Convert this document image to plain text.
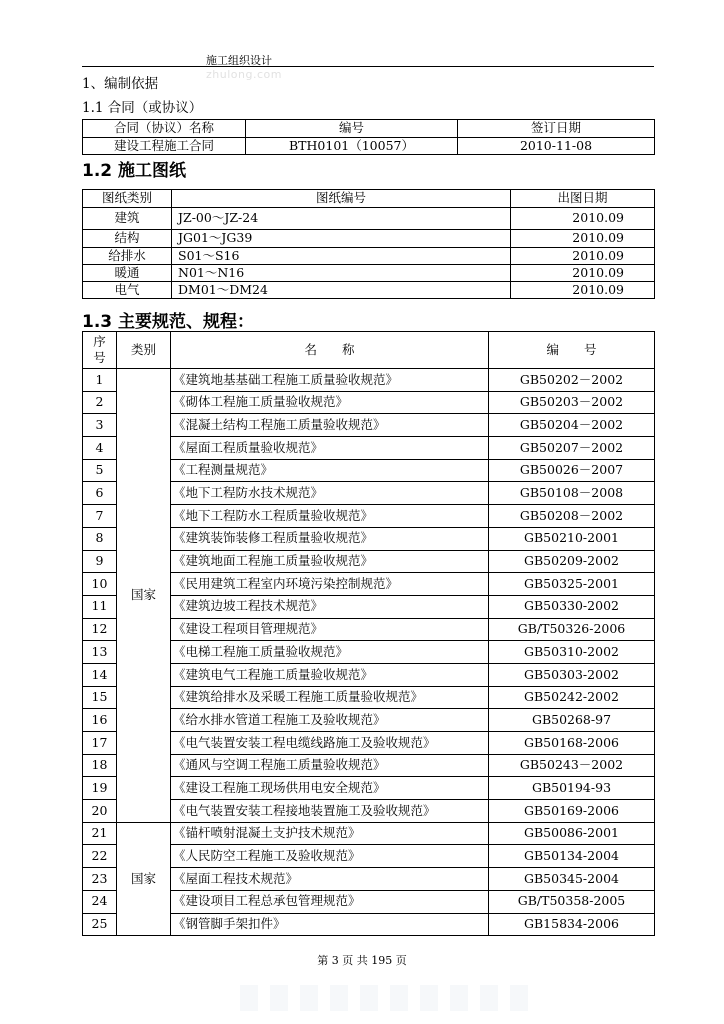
施工组织设计
zhulong.com
1、编制依据
1.1 合同（或协议）
合同（协议）名称	编号	签订日期
建设工程施工合同	BTH0101（10057）	2010-11-08
1.2 施工图纸
图纸类别	图纸编号	出图日期
建筑	JZ-00～JZ-24	2010.09
结构	JG01～JG39	2010.09
给排水	S01～S16	2010.09
暖通	N01～N16	2010.09
电气	DM01～DM24	2010.09
1.3 主要规范、规程：
序号	类别	名　　称	编　　号
1	国家	《建筑地基基础工程施工质量验收规范》	GB50202－2002
2		《砌体工程施工质量验收规范》	GB50203－2002
3		《混凝土结构工程施工质量验收规范》	GB50204－2002
4		《屋面工程质量验收规范》	GB50207－2002
5		《工程测量规范》	GB50026－2007
6		《地下工程防水技术规范》	GB50108－2008
7		《地下工程防水工程质量验收规范》	GB50208－2002
8		《建筑装饰装修工程质量验收规范》	GB50210-2001
9		《建筑地面工程施工质量验收规范》	GB50209-2002
10		《民用建筑工程室内环境污染控制规范》	GB50325-2001
11		《建筑边坡工程技术规范》	GB50330-2002
12		《建设工程项目管理规范》	GB/T50326-2006
13		《电梯工程施工质量验收规范》	GB50310-2002
14		《建筑电气工程施工质量验收规范》	GB50303-2002
15		《建筑给排水及采暖工程施工质量验收规范》	GB50242-2002
16		《给水排水管道工程施工及验收规范》	GB50268-97
17		《电气装置安装工程电缆线路施工及验收规范》	GB50168-2006
18		《通风与空调工程施工质量验收规范》	GB50243－2002
19		《建设工程施工现场供用电安全规范》	GB50194-93
20		《电气装置安装工程接地装置施工及验收规范》	GB50169-2006
21	国家	《锚杆喷射混凝土支护技术规范》	GB50086-2001
22		《人民防空工程施工及验收规范》	GB50134-2004
23		《屋面工程技术规范》	GB50345-2004
24		《建设项目工程总承包管理规范》	GB/T50358-2005
25		《钢管脚手架扣件》	GB15834-2006
第 3 页 共 195 页
